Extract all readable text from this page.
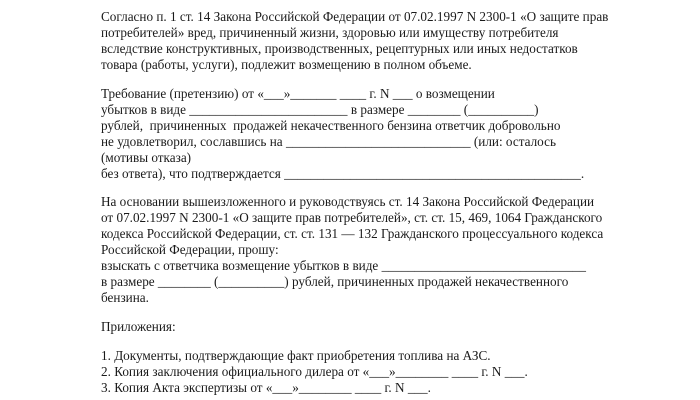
Согласно п. 1 ст. 14 Закона Российской Федерации от 07.02.1997 N 2300-1 «О защите прав
потребителей» вред, причиненный жизни, здоровью или имуществу потребителя
вследствие конструктивных, производственных, рецептурных или иных недостатков
товара (работы, услуги), подлежит возмещению в полном объеме.
Требование (претензию) от «___»_______ ____ г. N ___ о возмещении
убытков в виде ________________________ в размере ________ (__________)
рублей,  причиненных  продажей некачественного бензина ответчик добровольно
не удовлетворил, сославшись на ____________________________ (или: осталось
(мотивы отказа)
без ответа), что подтверждается _____________________________________________.
На основании вышеизложенного и руководствуясь ст. 14 Закона Российской Федерации
от 07.02.1997 N 2300-1 «О защите прав потребителей», ст. ст. 15, 469, 1064 Гражданского
кодекса Российской Федерации, ст. ст. 131 — 132 Гражданского процессуального кодекса
Российской Федерации, прошу:
взыскать с ответчика возмещение убытков в виде _______________________________
в размере ________ (__________) рублей, причиненных продажей некачественного
бензина.
Приложения:
1. Документы, подтверждающие факт приобретения топлива на АЗС.
2. Копия заключения официального дилера от «___»________ ____ г. N ___.
3. Копия Акта экспертизы от «___»________ ____ г. N ___.
